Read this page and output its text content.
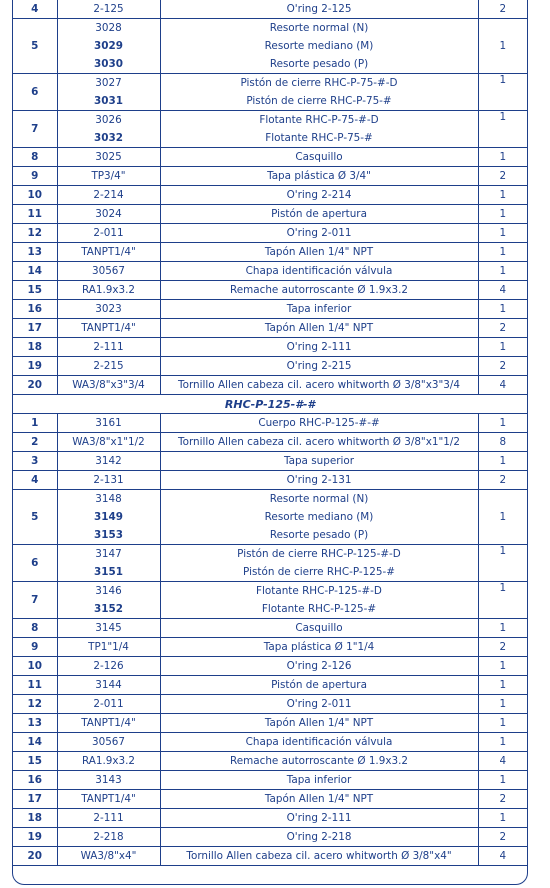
4	2-125	O'ring 2-125	2
5	3028	Resorte normal (N)	1
	3029	Resorte mediano (M)	
	3030	Resorte pesado (P)	
6	3027	Pistón de cierre RHC-P-75-#-D	1
	3031	Pistón de cierre RHC-P-75-#	
7	3026	Flotante RHC-P-75-#-D	1
	3032	Flotante RHC-P-75-#	
8	3025	Casquillo	1
9	TP3/4"	Tapa plástica Ø 3/4"	2
10	2-214	O'ring 2-214	1
11	3024	Pistón de apertura	1
12	2-011	O'ring 2-011	1
13	TANPT1/4"	Tapón Allen 1/4" NPT	1
14	30567	Chapa identificación válvula	1
15	RA1.9x3.2	Remache autorroscante Ø 1.9x3.2	4
16	3023	Tapa inferior	1
17	TANPT1/4"	Tapón Allen 1/4" NPT	2
18	2-111	O'ring 2-111	1
19	2-215	O'ring 2-215	2
20	WA3/8"x3"3/4	Tornillo Allen cabeza cil. acero whitworth Ø 3/8"x3"3/4	4
RHC-P-125-#-#			
1	3161	Cuerpo RHC-P-125-#-#	1
2	WA3/8"x1"1/2	Tornillo Allen cabeza cil. acero whitworth Ø 3/8"x1"1/2	8
3	3142	Tapa superior	1
4	2-131	O'ring 2-131	2
5	3148	Resorte normal (N)	1
	3149	Resorte mediano (M)	
	3153	Resorte pesado (P)	
6	3147	Pistón de cierre RHC-P-125-#-D	1
	3151	Pistón de cierre RHC-P-125-#	
7	3146	Flotante RHC-P-125-#-D	1
	3152	Flotante RHC-P-125-#	
8	3145	Casquillo	1
9	TP1"1/4	Tapa plástica Ø 1"1/4	2
10	2-126	O'ring 2-126	1
11	3144	Pistón de apertura	1
12	2-011	O'ring 2-011	1
13	TANPT1/4"	Tapón Allen 1/4" NPT	1
14	30567	Chapa identificación válvula	1
15	RA1.9x3.2	Remache autorroscante Ø 1.9x3.2	4
16	3143	Tapa inferior	1
17	TANPT1/4"	Tapón Allen 1/4" NPT	2
18	2-111	O'ring 2-111	1
19	2-218	O'ring 2-218	2
20	WA3/8"x4"	Tornillo Allen cabeza cil. acero whitworth Ø 3/8"x4"	4
